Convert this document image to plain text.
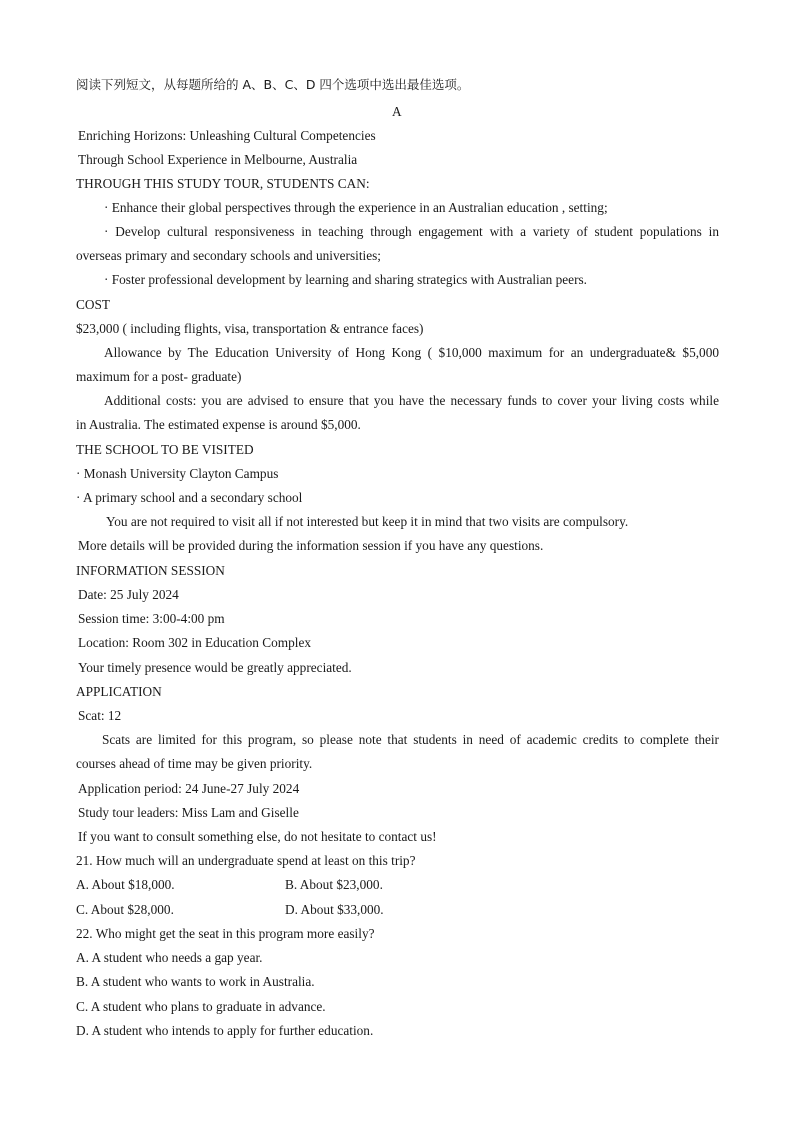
阅读下列短文，从每题所给的 A、B、C、D 四个选项中选出最佳选项。
A
Enriching Horizons: Unleashing Cultural Competencies
Through School Experience in Melbourne, Australia
THROUGH THIS STUDY TOUR, STUDENTS CAN:
· Enhance their global perspectives through the experience in an Australian education , setting;
· Develop cultural responsiveness in teaching through engagement with a variety of student populations in
overseas primary and secondary schools and universities;
· Foster professional development by learning and sharing strategics with Australian peers.
COST
$23,000 ( including flights, visa, transportation & entrance faces)
Allowance by The Education University of Hong Kong ( $10,000 maximum for an undergraduate& $5,000
maximum for a post- graduate)
Additional costs: you are advised to ensure that you have the necessary funds to cover your living costs while
in Australia. The estimated expense is around $5,000.
THE SCHOOL TO BE VISITED
· Monash University Clayton Campus
· A primary school and a secondary school
You are not required to visit all if not interested but keep it in mind that two visits are compulsory.
More details will be provided during the information session if you have any questions.
INFORMATION SESSION
Date: 25 July 2024
Session time: 3:00-4:00 pm
Location: Room 302 in Education Complex
Your timely presence would be greatly appreciated.
APPLICATION
Scat: 12
Scats are limited for this program, so please note that students in need of academic credits to complete their
courses ahead of time may be given priority.
Application period: 24 June-27 July 2024
Study tour leaders: Miss Lam and Giselle
If you want to consult something else, do not hesitate to contact us!
21. How much will an undergraduate spend at least on this trip?
A. About $18,000.	B. About $23,000.
C. About $28,000.	D. About $33,000.
22. Who might get the seat in this program more easily?
A. A student who needs a gap year.
B. A student who wants to work in Australia.
C. A student who plans to graduate in advance.
D. A student who intends to apply for further education.
